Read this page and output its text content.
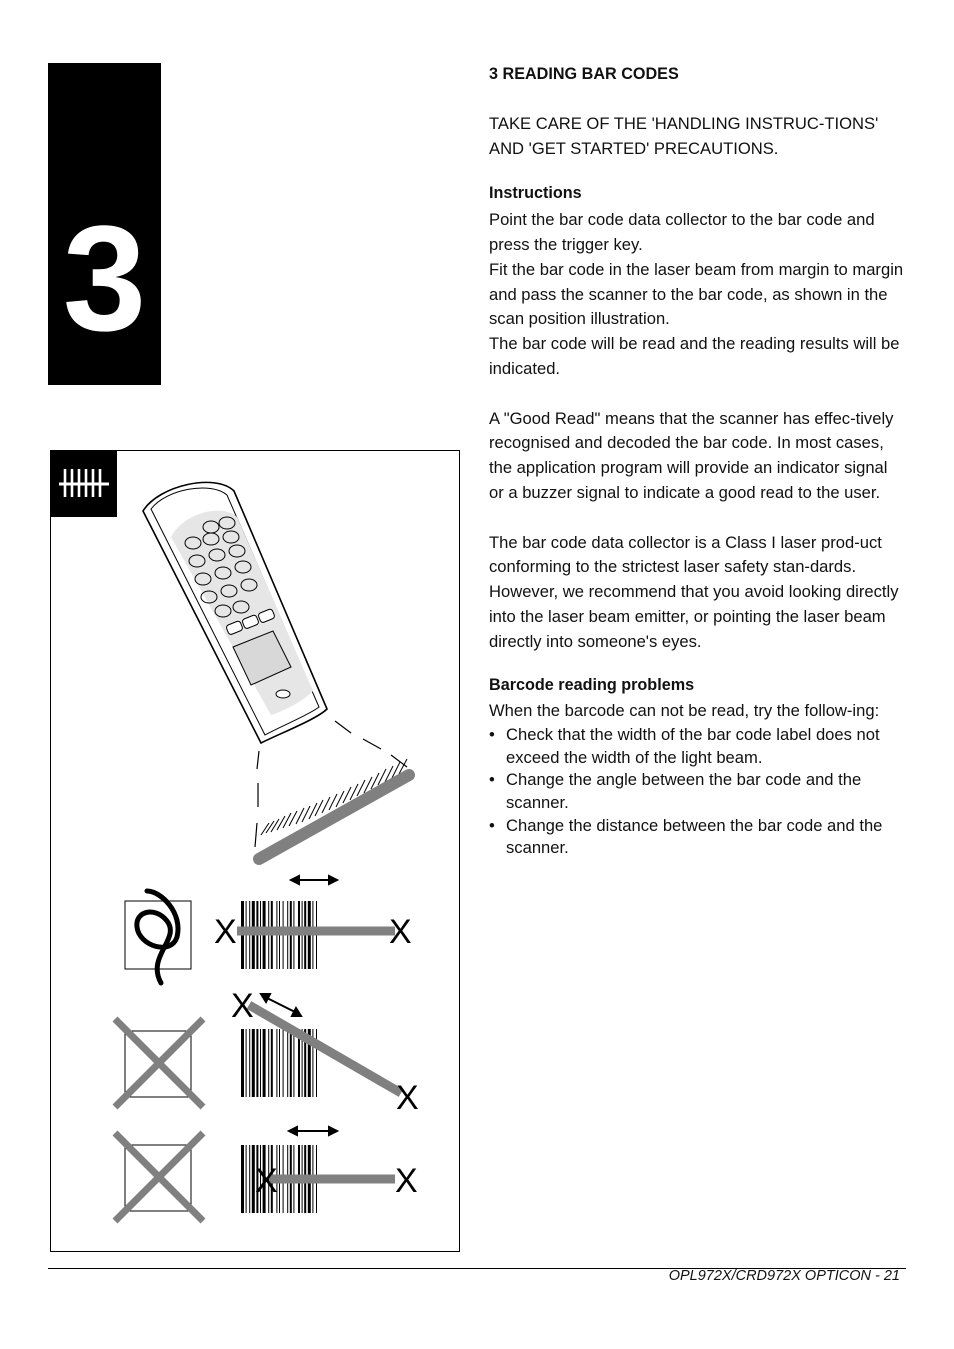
3
X	X
X
X
X	X

3 READING BAR CODES

TAKE CARE OF THE 'HANDLING INSTRUC-TIONS' AND 'GET STARTED' PRECAUTIONS.

Instructions

Point the bar code data collector to the bar code and press the trigger key.

Fit the bar code in the laser beam from margin to margin and pass the scanner to the bar code, as shown in the scan position illustration.

The bar code will be read and the reading results will be indicated.

A "Good Read" means that the scanner has effec-tively recognised and decoded the bar code. In most cases, the application program will provide an indicator signal or a buzzer signal to indicate a good read to the user.

The bar code data collector is a Class I laser prod-uct conforming to the strictest laser safety stan-dards. However, we recommend that you avoid looking directly into the laser beam emitter, or pointing the laser beam directly into someone's eyes.

Barcode reading problems

When the barcode can not be read, try the follow-ing:

• Check that the width of the bar code label does not exceed the width of the light beam.
• Change the angle between the bar code and the scanner.
• Change the distance between the bar code and the scanner.
OPL972X/CRD972X OPTICON - 21
